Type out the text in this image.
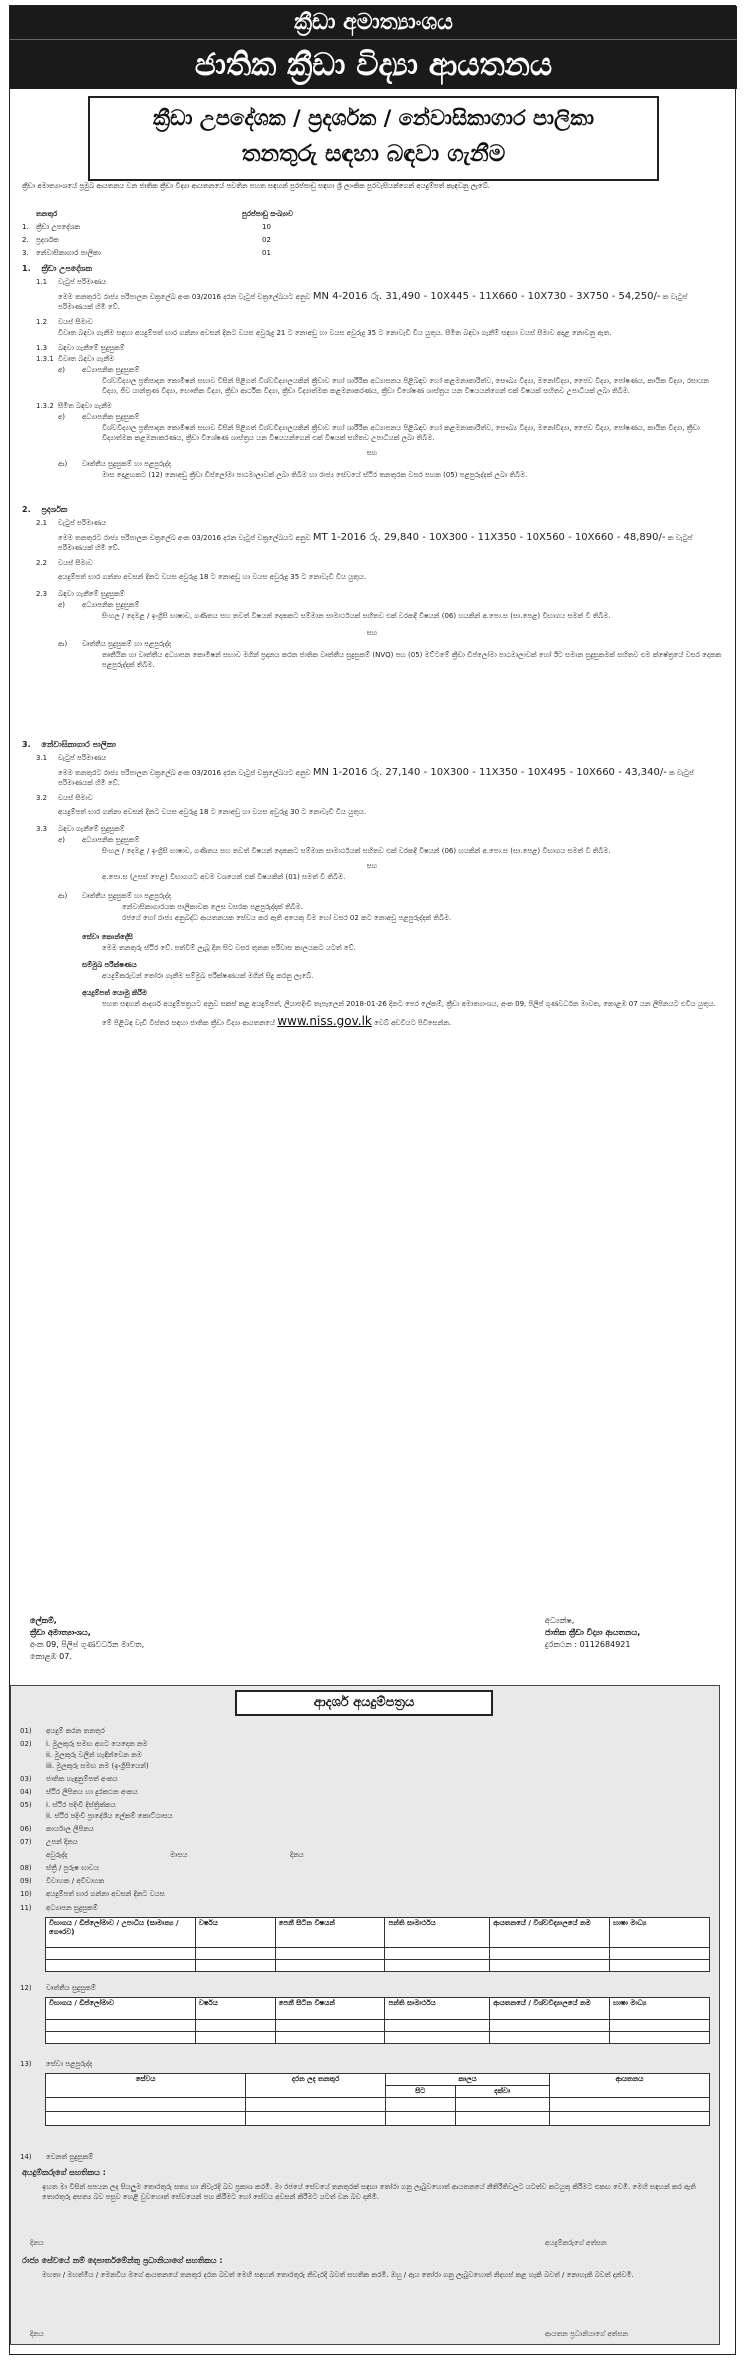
ක්‍රීඩා අමාත්‍යාංශය
ජාතික ක්‍රීඩා විද්‍යා ආයතනය
ක්‍රීඩා උපදේශක / ප්‍රදර්ශක / නේවාසිකාගාර පාලිකා
තනතුරු සඳහා බඳවා ගැනීම
ක්‍රීඩා අමාත්‍යාංශයේ ප්‍රමුඛ ආයතනය වන ජාතික ක්‍රීඩා විද්‍යා ආයතනයේ පවතින පහත සඳහන් පුරප්පාඩු සඳහා ශ්‍රී ලාංකික පුරවැසියන්ගෙන් අයදුම්පත් කැඳවනු ලැබේ.
තනතුර	පුරප්පාඩු සංඛ්‍යාව
1. ක්‍රීඩා උපදේශක	10
2. ප්‍රදර්ශක	02
3. නේවාසිකාගාර පාලිකා	01
1. ක්‍රීඩා උපදේශක
1.1	වැටුප් පරිමාණය
මෙම තනතුරට රාජ්‍ය පරිපාලන චක්‍රලේඛ අංක 03/2016 දරන වැටුප් චක්‍රලේඛයට අනුව MN 4-2016 රු. 31,490 - 10X445 - 11X660 - 10X730 - 3X750 - 54,250/- ක වැටුප් පරිමාණයක් හිමි වේ.
1.2	වයස් සීමාව
විවෘත බඳවා ගැනීම සඳහා අයදුම්පත් භාර ගන්නා අවසන් දිනට වයස අවුරුදු 21 ට නොඅඩු හා වයස අවුරුදු 35 ට නොවැඩි විය යුතුය. සීමිත බඳවා ගැනීම් සඳහා වයස් සීමාව අදාළ නොවනු ඇත.
1.3	බඳවා ගැනීමේ සුදුසුකම්
1.3.1 විවෘත බඳවා ගැනීම
අ)	අධ්‍යාපනික සුදුසුකම්
විශ්වවිද්‍යාල ප්‍රතිපාදන කොමිෂන් සභාව විසින් පිළිගත් විශ්වවිද්‍යාලයකින් ක්‍රීඩාව හෝ ශාරීරික අධ්‍යාපනය පිළිබඳව හෝ කළමනාකාරිත්ව, සෞඛ්‍ය විද්‍යා, මනෝවිද්‍යා, ජෛව විද්‍යා, පෝෂණය, කායික විද්‍යා, රසායන විද්‍යා, ජීව යාන්ත්‍රණ විද්‍යා, භෞතික විද්‍යා, ක්‍රීඩා ආර්ථික විද්‍යා, ක්‍රීඩා විද්‍යාත්මක කළමනාකරණය, ක්‍රීඩා විශේෂණ ශාස්ත්‍රය යන විෂයයන්ගෙන් එක් විෂයක් සහිතව උපාධියක් ලබා තිබීම.
1.3.2 සීමිත බඳවා ගැනීම
අ)	අධ්‍යාපනික සුදුසුකම්
විශ්වවිද්‍යාල ප්‍රතිපාදන කොමිෂන් සභාව විසින් පිළිගත් විශ්වවිද්‍යාලයකින් ක්‍රීඩාව හෝ ශාරීරික අධ්‍යාපනය පිළිබඳව හෝ කළමනාකාරිත්ව, සෞඛ්‍ය විද්‍යා, මනෝවිද්‍යා, ජෛව විද්‍යා, පෝෂණය, කායික විද්‍යා, ක්‍රීඩා විද්‍යාත්මක කළමනාකරණය, ක්‍රීඩා විශේෂණ ශාස්ත්‍රය යන විෂයයන්ගෙන් එක් විෂයක් සහිතව උපාධියක් ලබා තිබීම.
සහ
ආ)	වෘත්තීය සුදුසුකම් හා පළපුරුද්ද
මාස දොළහකට (12) නොඅඩු ක්‍රීඩා ඩිප්ලෝමා පාඨමාලාවක් ලබා තිබීම හා රාජ්‍ය සේවයේ ස්ථිර තනතුරක වසර පහක (05) පළපුරුද්දක් ලබා තිබීම.
2. ප්‍රදර්ශක
2.1	වැටුප් පරිමාණය
මෙම තනතුරට රාජ්‍ය පරිපාලන චක්‍රලේඛ අංක 03/2016 දරන වැටුප් චක්‍රලේඛයට අනුව MT 1-2016 රු. 29,840 - 10X300 - 11X350 - 10X560 - 10X660 - 48,890/- ක වැටුප් පරිමාණයක් හිමි වේ.
2.2	වයස් සීමාව
අයදුම්පත් භාර ගන්නා අවසන් දිනට වයස අවුරුදු 18 ට නොඅඩු හා වයස අවුරුදු 35 ට නොවැඩි විය යුතුය.
2.3	බඳවා ගැනීමේ සුදුසුකම්
අ)	අධ්‍යාපනික සුදුසුකම්
සිංහල / දෙමළ / ඉංග්‍රීසි භාෂාව, ගණිතය සහ තවත් විෂයන් දෙකකට සම්මාන සාමාර්ථයක් සහිතව එක් වරකදී විෂයන් (06) හයකින් අ.පො.ස (සා.පෙළ) විභාගය සමත් වී තිබීම.
සහ
ආ)	වෘත්තීය සුදුසුකම් හා පළපුරුද්ද
තෘතීයික හා වෘත්තීය අධ්‍යාපන කොමිෂන් සභාව මගින් ප්‍රදානය කරන ජාතික වෘත්තීය සුදුසුකම් (NVQ) පහ (05) මට්ටමේ ක්‍රීඩා ඩිප්ලෝමා පාඨමාලාවක් හෝ ඊට සමාන සුදුසුකමක් සහිතව එම ක්ෂේත්‍රයේ වසර දෙකක පළපුරුද්දක් තිබීම.
3. නේවාසිකාගාර පාලිකා
3.1	වැටුප් පරිමාණය
මෙම තනතුරට රාජ්‍ය පරිපාලන චක්‍රලේඛ අංක 03/2016 දරන වැටුප් චක්‍රලේඛයට අනුව MN 1-2016 රු. 27,140 - 10X300 - 11X350 - 10X495 - 10X660 - 43,340/- ක වැටුප් පරිමාණයක් හිමි වේ.
3.2	වයස් සීමාව
අයදුම්පත් භාර ගන්නා අවසන් දිනට වයස අවුරුදු 18 ට නොඅඩු හා වයස අවුරුදු 30 ට නොවැඩි විය යුතුය.
3.3	බඳවා ගැනීමේ සුදුසුකම්
අ)	අධ්‍යාපනික සුදුසුකම්
සිංහල / දෙමළ / ඉංග්‍රීසි භාෂාව, ගණිතය සහ තවත් විෂයන් දෙකකට සම්මාන සාමාර්ථයක් සහිතව එක් වරකදී විෂයන් (06) හයකින් අ.පො.ස (සා.පෙළ) විභාගය සමත් වී තිබීම.
සහ
අ.පො.ස (උසස් පෙළ) විභාගයට අවම වශයෙන් එක් විෂයකින් (01) සමත් වී තිබීම.
ආ)	වෘත්තීය සුදුසුකම් හා පළපුරුද්ද
නේවාසිකාගාරයක පාලිකාවක ලෙස වසරක පළපුරුද්දක් තිබීම.
රජයේ හෝ රාජ්‍ය අනුබද්ධ ආයතනයක සේවය කර ඇති අයෙකු වීම හෝ වසර 02 කට නොඅඩු පළපුරුද්දක් තිබීම.
සේවා කොන්දේසි
මෙම තනතුරු ස්ථිර වේ. පත්වීම් ලැබූ දින සිට වසර තුනක පරිවාස කාලයකට යටත් වේ.
සම්මුඛ පරීක්ෂණය
අයදුම්කරුවන් තෝරා ගැනීම සම්මුඛ පරීක්ෂණයක් මගින් සිදු කරනු ලැබේ.
අයදුම්පත් යොමු කිරීම
පහත සඳහන් ආදර්ශ අයදුම්පත්‍රයට අනුව සකස් කළ අයදුම්පත්, ලියාපදිංචි තැපෑලෙන් 2018-01-26 දිනට පෙර ලේකම්, ක්‍රීඩා අමාත්‍යාංශය, අංක 09, පිලිප් ගුණවර්ධන මාවත, කොළඹ 07 යන ලිපිනයට එවිය යුතුය.
මේ පිළිබඳ වැඩි විස්තර සඳහා ජාතික ක්‍රීඩා විද්‍යා ආයතනයේ www.niss.gov.lk වෙබ් අඩවියට පිවිසෙන්න.
ලේකම්,
ක්‍රීඩා අමාත්‍යාංශය,
අංක 09, පිලිප් ගුණවර්ධන මාවත,
කොළඹ 07.
අධ්‍යක්ෂ,
ජාතික ක්‍රීඩා විද්‍යා ආයතනය,
දුරකථන : 0112684921
ආදර්ශ අයදුම්පත්‍රය
01)	අයදුම් කරන තනතුර
02)	i. මුලකුරු සමඟ අගට යෙදෙන නම
ii. මුලකුරු වලින් හැඳින්වෙන නම
iii. මුලකුරු සමඟ නම (ඉංග්‍රීසියෙන්)
03)	ජාතික හැඳුනුම්පත් අංකය
04)	ස්ථිර ලිපිනය හා දුරකථන අංකය
05)	i. ස්ථිර පදිංචි දිස්ත්‍රික්කය
ii. ස්ථිර පදිංචි ප්‍රාදේශීය ලේකම් කොට්ඨාසය
06)	කාර්යාල ලිපිනය
07)	උපන් දිනය
අවුරුද්ද	මාසය	දිනය
08)	ස්ත්‍රී / පුරුෂ භාවය
09)	විවාහක / අවිවාහක
10)	අයදුම්පත් භාර ගන්නා අවසන් දිනට වයස
11)	අධ්‍යාපන සුදුසුකම්
විභාගය / ඩිප්ලෝමාව / උපාධිය (සාමාන්‍ය / ගෞරව)	වර්ෂය	පෙනී සිටින විෂයන්	පන්ති සාමාර්ථය	ආයතනයේ / විශ්වවිද්‍යාලයේ නම	භාෂා මාධ්‍ය

12)	වෘත්තීය සුදුසුකම්
විභාගය / ඩිප්ලෝමාව	වර්ෂය	පෙනී සිටින විෂයන්	පන්ති සාමාර්ථය	ආයතනයේ / විශ්වවිද්‍යාලයේ නම	භාෂා මාධ්‍ය

13)	සේවා පළපුරුද්ද
සේවය	දරන ලද තනතුර	කාලය		ආයතනය
		සිට	දක්වා	

14)	වෙනත් සුදුසුකම්
අයදුම්කරුගේ සහතිකය :
ඉහත මා විසින් සපයන ලද සියලුම තොරතුරු සත්‍ය හා නිවැරදි බව ප්‍රකාශ කරමි. මා රජයේ සේවයේ තනතුරක් සඳහා තෝරා ගනු ලැබුවහොත් ආයතනයේ නීතිරීතිවලට යටත්ව කටයුතු කිරීමට එකඟ වෙමි. මෙහි සඳහන් කර ඇති තොරතුරු අසත්‍ය බව පසුව හෙළි වුවහොත් සේවයෙන් පහ කිරීමට හෝ සේවය අවසන් කිරීමට යටත් වන බව දනිමි.
දිනය	අයදුම්කරුගේ අත්සන
රාජ්‍ය සේවයේ නම් දෙපාර්තමේන්තු ප්‍රධානියාගේ සහතිකය :
මහතා / මහත්මිය / මෙනවිය මගේ ආයතනයේ තනතුර දරන බවත් මෙහි සඳහන් තොරතුරු නිවැරදි බවත් සහතික කරමි. ඔහු / ඇය තෝරා ගනු ලැබුවහොත් නිදහස් කළ හැකි බවත් / නොහැකි බවත් දන්වමි.
දිනය	ආයතන ප්‍රධානියාගේ අත්සන
